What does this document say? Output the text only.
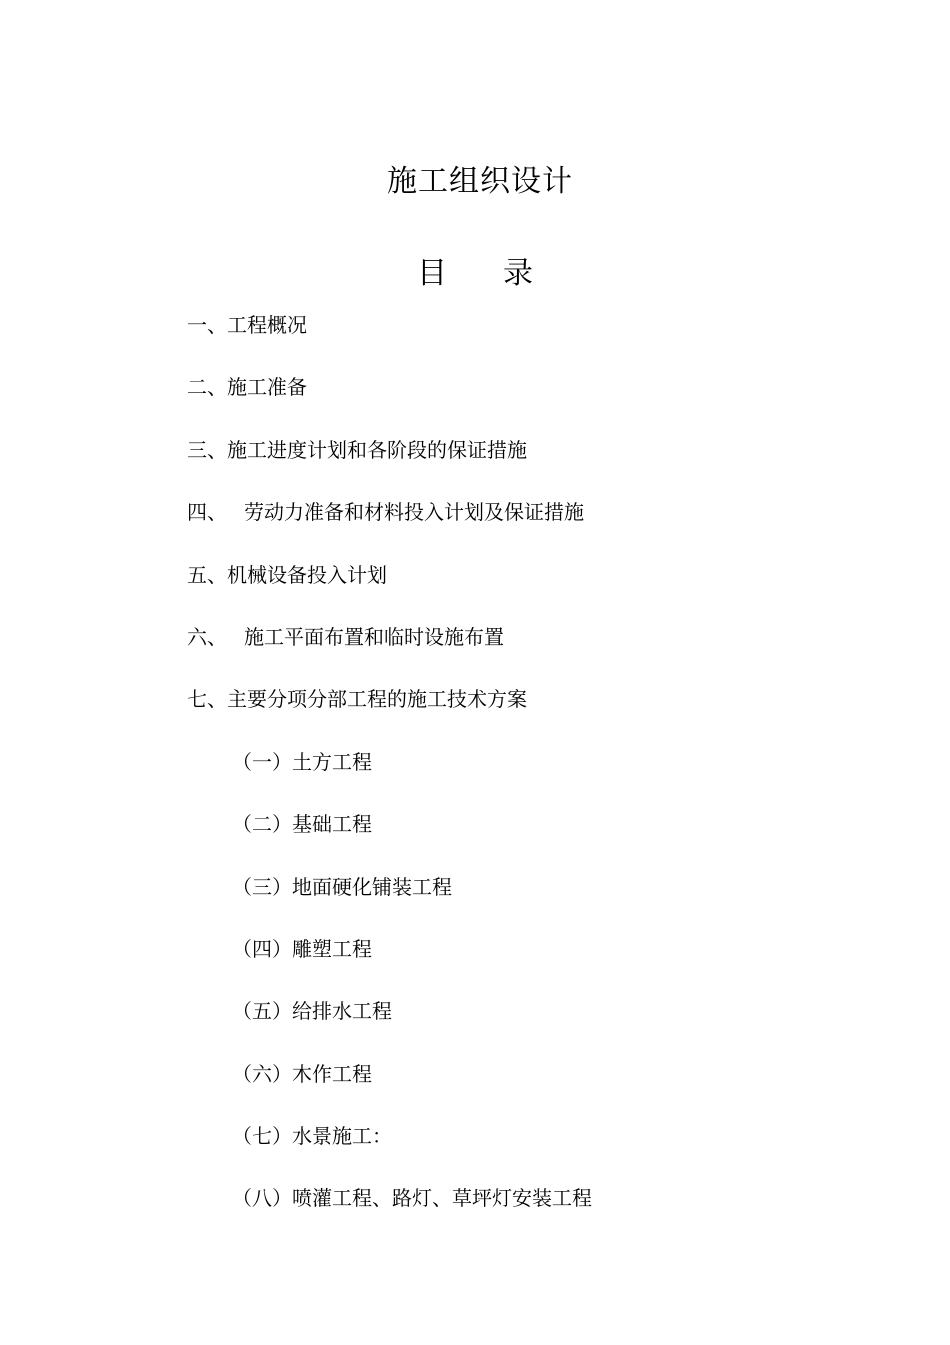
施工组织设计
目 录
一、工程概况
二、施工准备
三、施工进度计划和各阶段的保证措施
四、 劳动力准备和材料投入计划及保证措施
五、机械设备投入计划
六、 施工平面布置和临时设施布置
七、主要分项分部工程的施工技术方案
（一）土方工程
（二）基础工程
（三）地面硬化铺装工程
（四）雕塑工程
（五）给排水工程
（六）木作工程
（七）水景施工：
（八）喷灌工程、路灯、草坪灯安装工程
